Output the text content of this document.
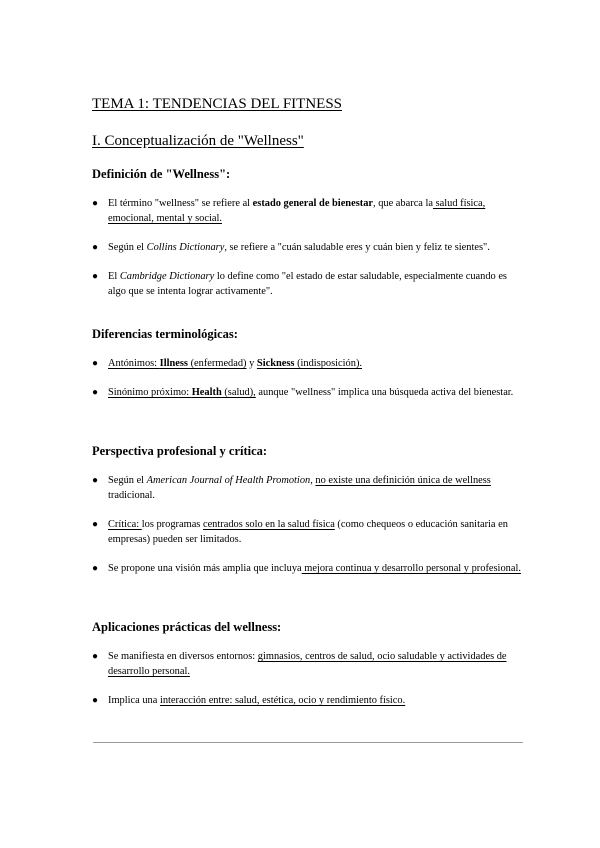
TEMA 1: TENDENCIAS DEL FITNESS
I. Conceptualización de "Wellness"
Definición de "Wellness":
● El término "wellness" se refiere al estado general de bienestar, que abarca la salud física, emocional, mental y social.
● Según el Collins Dictionary, se refiere a "cuán saludable eres y cuán bien y feliz te sientes".
● El Cambridge Dictionary lo define como "el estado de estar saludable, especialmente cuando es algo que se intenta lograr activamente".
Diferencias terminológicas:
● Antónimos: Illness (enfermedad) y Sickness (indisposición).
● Sinónimo próximo: Health (salud), aunque "wellness" implica una búsqueda activa del bienestar.
Perspectiva profesional y crítica:
● Según el American Journal of Health Promotion, no existe una definición única de wellness tradicional.
● Crítica: los programas centrados solo en la salud física (como chequeos o educación sanitaria en empresas) pueden ser limitados.
● Se propone una visión más amplia que incluya mejora continua y desarrollo personal y profesional.
Aplicaciones prácticas del wellness:
● Se manifiesta en diversos entornos: gimnasios, centros de salud, ocio saludable y actividades de desarrollo personal.
● Implica una interacción entre: salud, estética, ocio y rendimiento físico.
